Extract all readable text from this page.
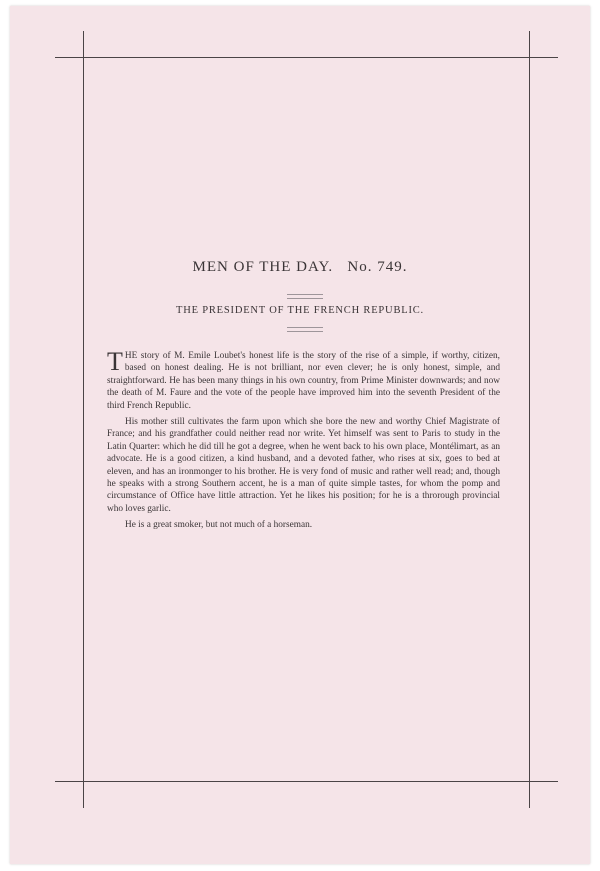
MEN OF THE DAY.   No. 749.
THE PRESIDENT OF THE FRENCH REPUBLIC.

THE story of M. Emile Loubet's honest life is the story of the rise of a simple, if worthy, citizen, based on honest dealing. He is not brilliant, nor even clever; he is only honest, simple, and straightforward. He has been many things in his own country, from Prime Minister downwards; and now the death of M. Faure and the vote of the people have improved him into the seventh President of the third French Republic.

His mother still cultivates the farm upon which she bore the new and worthy Chief Magistrate of France; and his grandfather could neither read nor write. Yet himself was sent to Paris to study in the Latin Quarter: which he did till he got a degree, when he went back to his own place, Montélimart, as an advocate. He is a good citizen, a kind husband, and a devoted father, who rises at six, goes to bed at eleven, and has an ironmonger to his brother. He is very fond of music and rather well read; and, though he speaks with a strong Southern accent, he is a man of quite simple tastes, for whom the pomp and circumstance of Office have little attraction. Yet he likes his position; for he is a throrough provincial who loves garlic.

He is a great smoker, but not much of a horseman.
